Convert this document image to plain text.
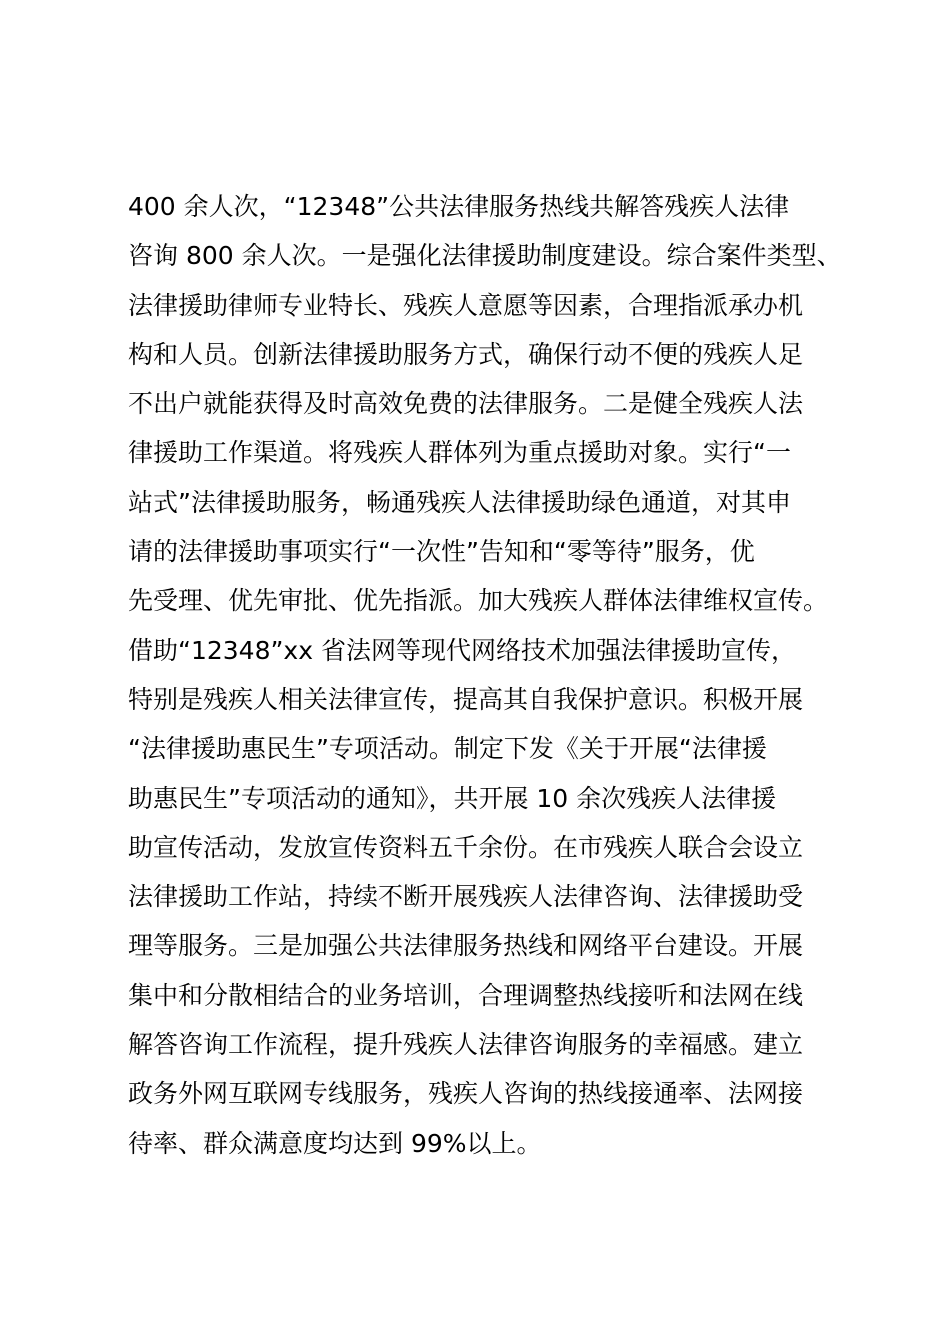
400 余人次，“12348”公共法律服务热线共解答残疾人法律
咨询 800 余人次。一是强化法律援助制度建设。综合案件类型、
法律援助律师专业特长、残疾人意愿等因素，合理指派承办机
构和人员。创新法律援助服务方式，确保行动不便的残疾人足
不出户就能获得及时高效免费的法律服务。二是健全残疾人法
律援助工作渠道。将残疾人群体列为重点援助对象。实行“一
站式”法律援助服务，畅通残疾人法律援助绿色通道，对其申
请的法律援助事项实行“一次性”告知和“零等待”服务，优
先受理、优先审批、优先指派。加大残疾人群体法律维权宣传。
借助“12348”xx 省法网等现代网络技术加强法律援助宣传，
特别是残疾人相关法律宣传，提高其自我保护意识。积极开展
“法律援助惠民生”专项活动。制定下发《关于开展“法律援
助惠民生”专项活动的通知》，共开展 10 余次残疾人法律援
助宣传活动，发放宣传资料五千余份。在市残疾人联合会设立
法律援助工作站，持续不断开展残疾人法律咨询、法律援助受
理等服务。三是加强公共法律服务热线和网络平台建设。开展
集中和分散相结合的业务培训，合理调整热线接听和法网在线
解答咨询工作流程，提升残疾人法律咨询服务的幸福感。建立
政务外网互联网专线服务，残疾人咨询的热线接通率、法网接
待率、群众满意度均达到 99%以上。
